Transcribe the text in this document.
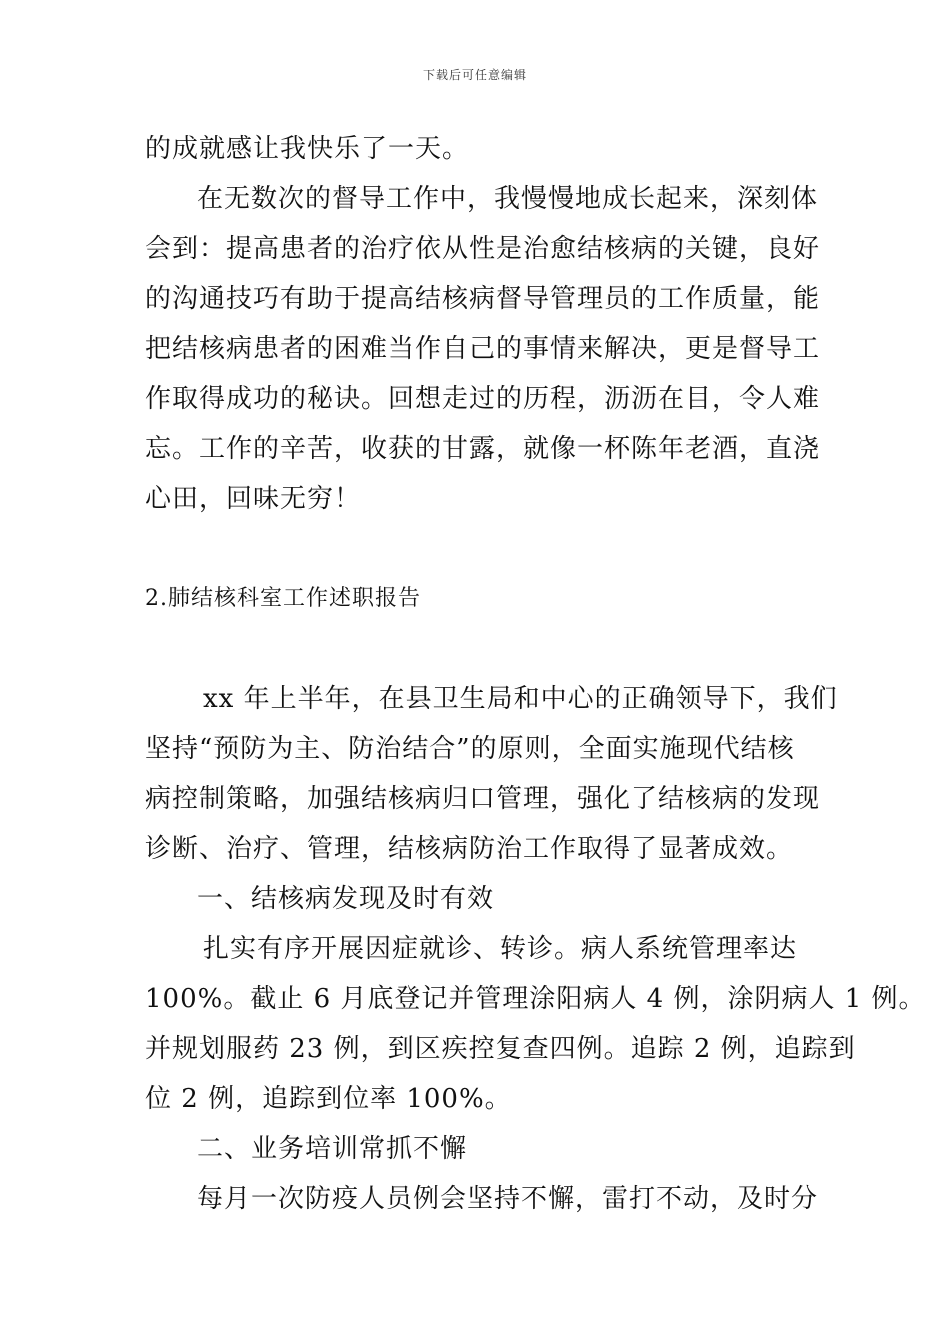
下载后可任意编辑
的成就感让我快乐了一天。
在无数次的督导工作中，我慢慢地成长起来，深刻体
会到：提高患者的治疗依从性是治愈结核病的关键，良好
的沟通技巧有助于提高结核病督导管理员的工作质量，能
把结核病患者的困难当作自己的事情来解决，更是督导工
作取得成功的秘诀。回想走过的历程，沥沥在目，令人难
忘。工作的辛苦，收获的甘露，就像一杯陈年老酒，直浇
心田，回味无穷！
2.肺结核科室工作述职报告
xx 年上半年，在县卫生局和中心的正确领导下，我们
坚持“预防为主、防治结合”的原则，全面实施现代结核
病控制策略，加强结核病归口管理，强化了结核病的发现
诊断、治疗、管理，结核病防治工作取得了显著成效。
一、结核病发现及时有效
扎实有序开展因症就诊、转诊。病人系统管理率达
100%。截止 6 月底登记并管理涂阳病人 4 例，涂阴病人 1 例。
并规划服药 23 例，到区疾控复查四例。追踪 2 例，追踪到
位 2 例，追踪到位率 100%。
二、业务培训常抓不懈
每月一次防疫人员例会坚持不懈，雷打不动，及时分
